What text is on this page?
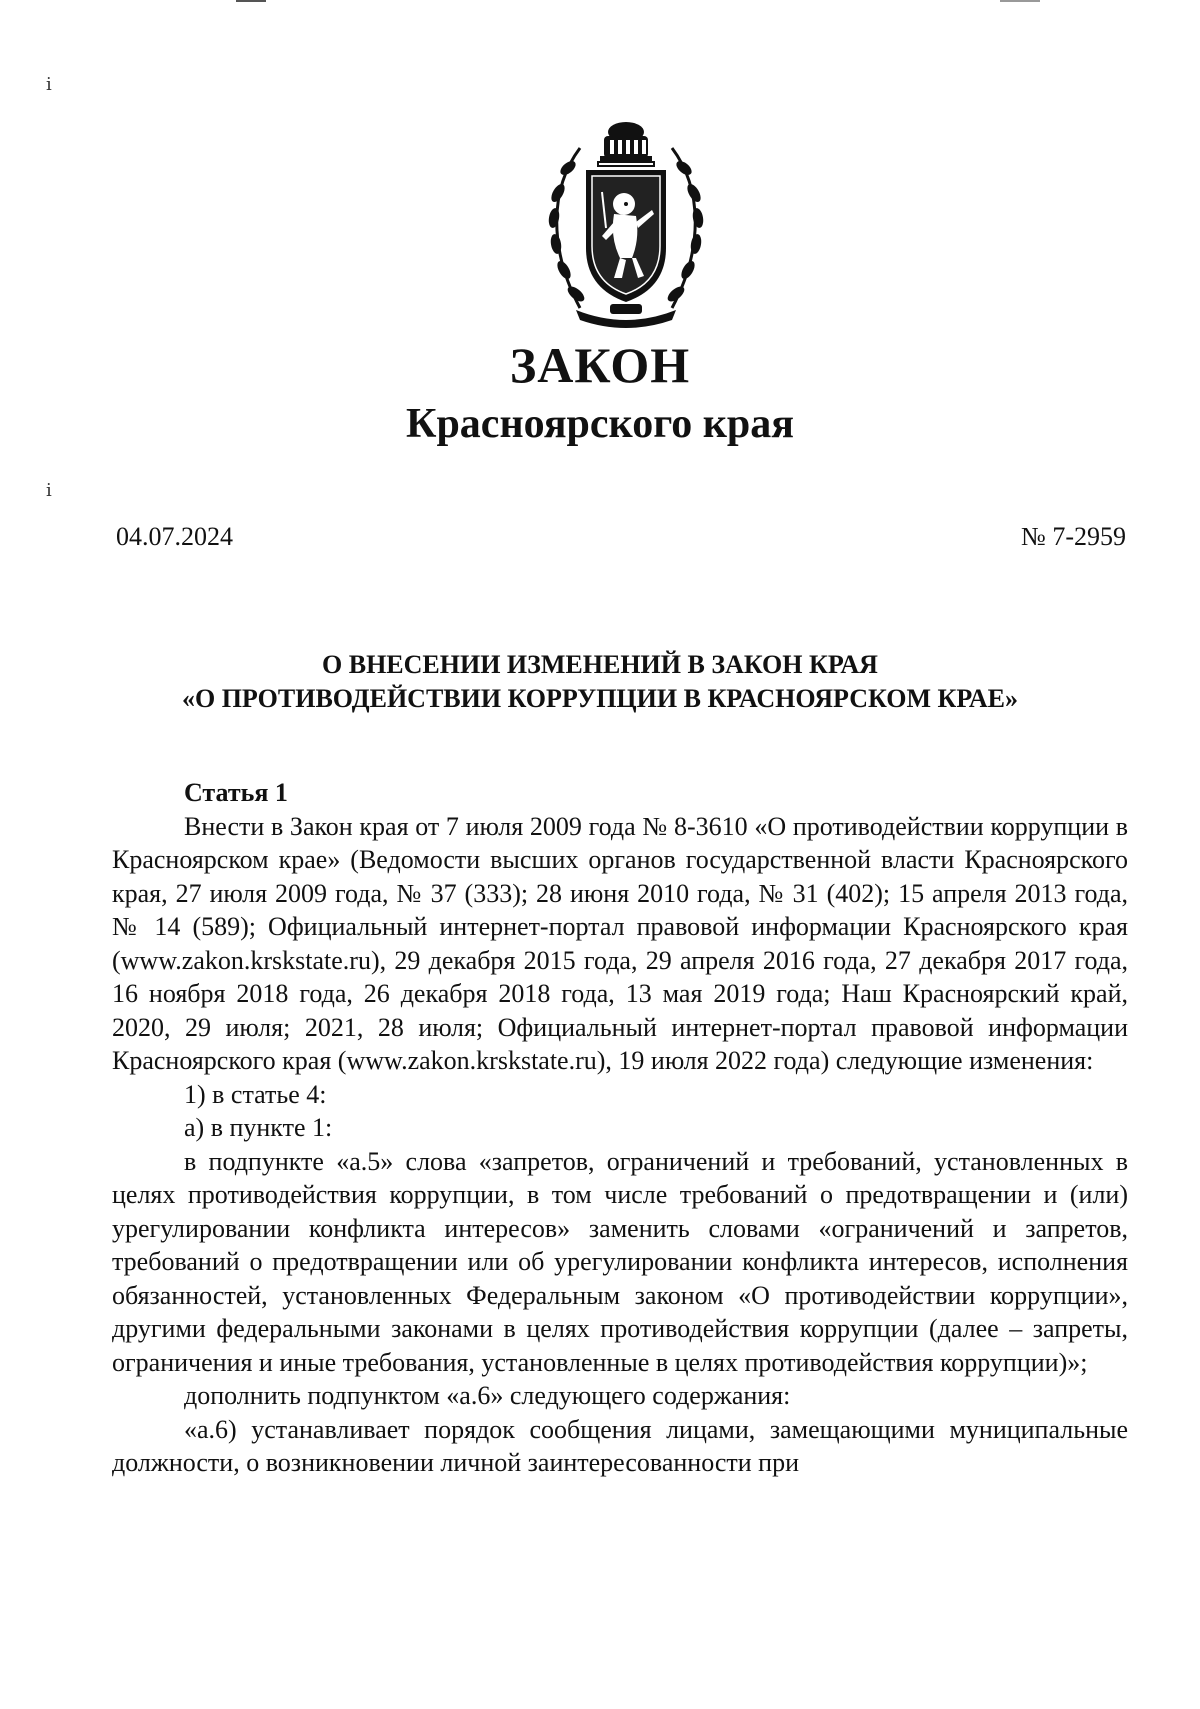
ⅰ
ⅰ
ЗАКОН
Красноярского края
04.07.2024	№ 7-2959
О ВНЕСЕНИИ ИЗМЕНЕНИЙ В ЗАКОН КРАЯ
«О ПРОТИВОДЕЙСТВИИ КОРРУПЦИИ В КРАСНОЯРСКОМ КРАЕ»
Статья 1

Внести в Закон края от 7 июля 2009 года № 8-3610 «О противодействии коррупции в Красноярском крае» (Ведомости высших органов государственной власти Красноярского края, 27 июля 2009 года, № 37 (333); 28 июня 2010 года, № 31 (402); 15 апреля 2013 года, № 14 (589); Официальный интернет-портал правовой информации Красноярского края (www.zakon.krskstate.ru), 29 декабря 2015 года, 29 апреля 2016 года, 27 декабря 2017 года, 16 ноября 2018 года, 26 декабря 2018 года, 13 мая 2019 года; Наш Красноярский край, 2020, 29 июля; 2021, 28 июля; Официальный интернет-портал правовой информации Красноярского края (www.zakon.krskstate.ru), 19 июля 2022 года) следующие изменения:

1) в статье 4:

а) в пункте 1:

в подпункте «а.5» слова «запретов, ограничений и требований, установленных в целях противодействия коррупции, в том числе требований о предотвращении и (или) урегулировании конфликта интересов» заменить словами «ограничений и запретов, требований о предотвращении или об урегулировании конфликта интересов, исполнения обязанностей, установленных Федеральным законом «О противодействии коррупции», другими федеральными законами в целях противодействия коррупции (далее – запреты, ограничения и иные требования, установленные в целях противодействия коррупции)»;

дополнить подпунктом «а.6» следующего содержания:

«а.6) устанавливает порядок сообщения лицами, замещающими муниципальные должности, о возникновении личной заинтересованности при
